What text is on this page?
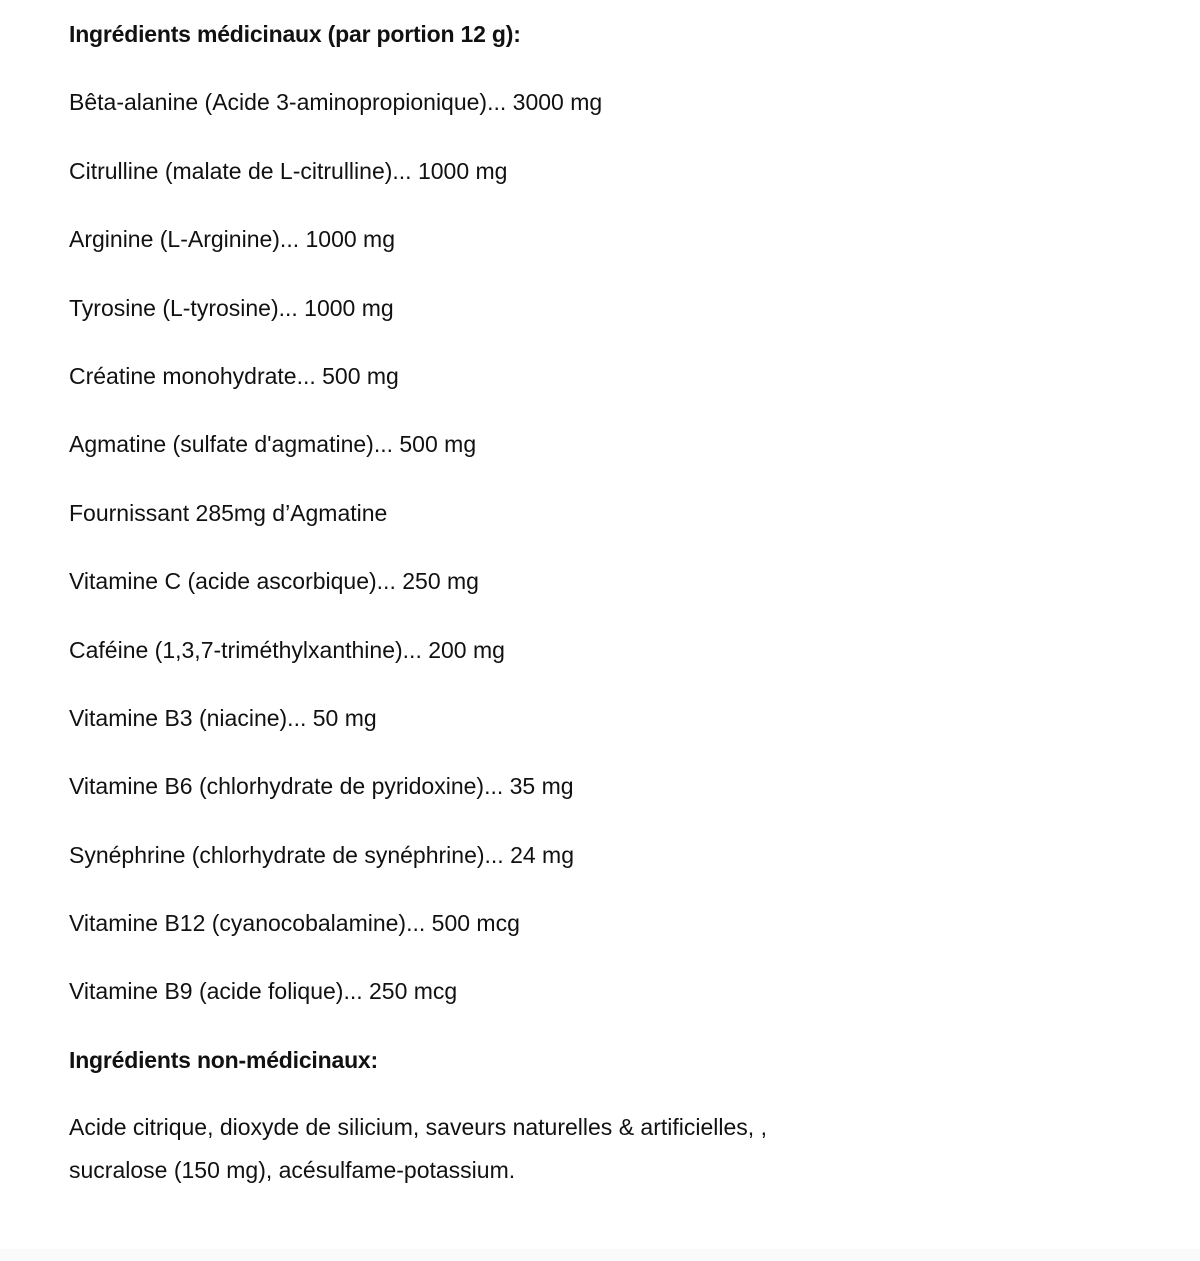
Ingrédients médicinaux (par portion 12 g):
Bêta-alanine (Acide 3-aminopropionique)... 3000 mg
Citrulline (malate de L-citrulline)... 1000 mg
Arginine (L-Arginine)... 1000 mg
Tyrosine (L-tyrosine)... 1000 mg
Créatine monohydrate... 500 mg
Agmatine (sulfate d'agmatine)... 500 mg
Fournissant 285mg d’Agmatine
Vitamine C (acide ascorbique)... 250 mg
Caféine (1,3,7-triméthylxanthine)... 200 mg
Vitamine B3 (niacine)... 50 mg
Vitamine B6 (chlorhydrate de pyridoxine)... 35 mg
Synéphrine (chlorhydrate de synéphrine)... 24 mg
Vitamine B12 (cyanocobalamine)... 500 mcg
Vitamine B9 (acide folique)... 250 mcg
Ingrédients non-médicinaux:

Acide citrique, dioxyde de silicium, saveurs naturelles & artificielles, , sucralose (150 mg), acésulfame-potassium.
